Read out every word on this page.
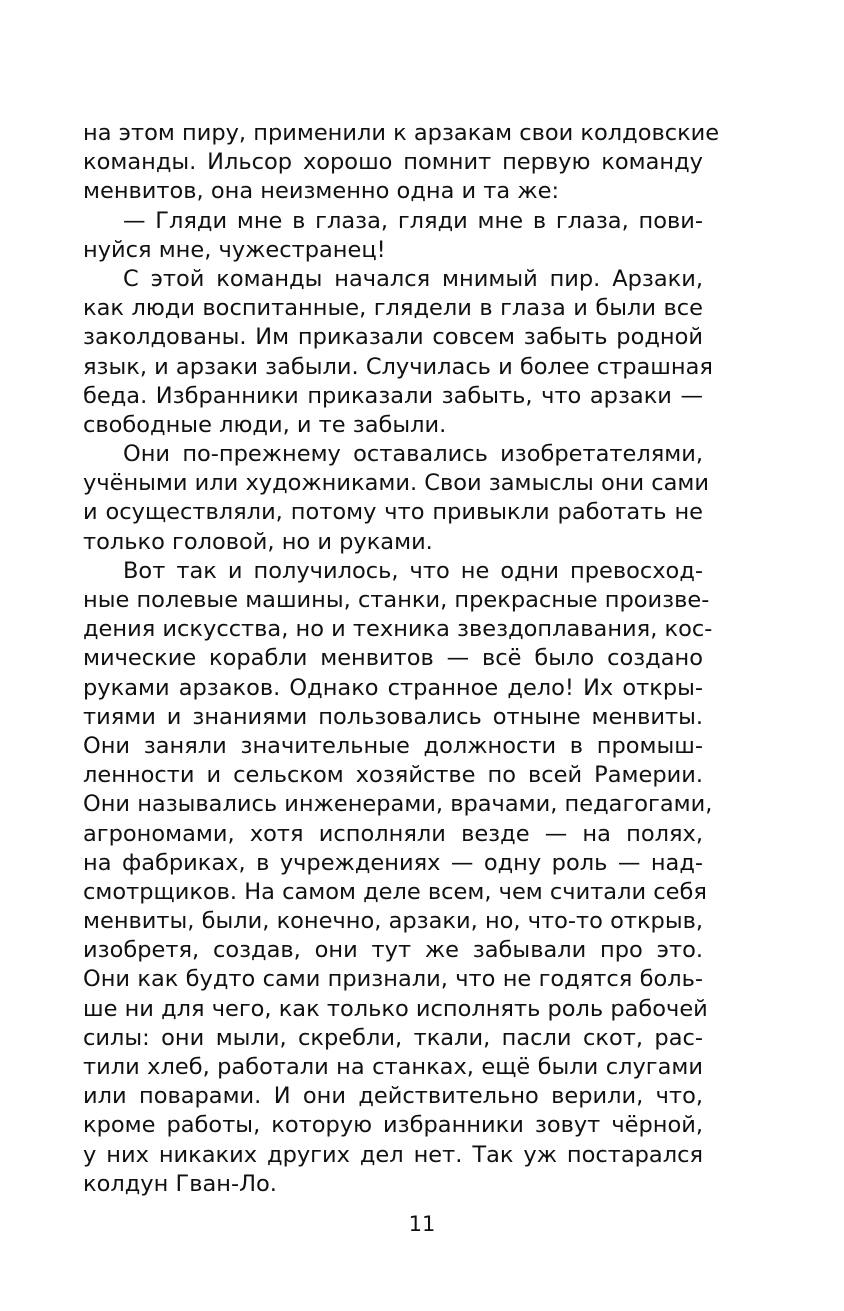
на этом пиру, применили к арзакам свои колдовские
команды. Ильсор хорошо помнит первую команду
менвитов, она неизменно одна и та же:

— Гляди мне в глаза, гляди мне в глаза, пови-
нуйся мне, чужестранец!

С этой команды начался мнимый пир. Арзаки,
как люди воспитанные, глядели в глаза и были все
заколдованы. Им приказали совсем забыть родной
язык, и арзаки забыли. Случилась и более страшная
беда. Избранники приказали забыть, что арзаки —
свободные люди, и те забыли.

Они по-прежнему оставались изобретателями,
учёными или художниками. Свои замыслы они сами
и осуществляли, потому что привыкли работать не
только головой, но и руками.

Вот так и получилось, что не одни превосход-
ные полевые машины, станки, прекрасные произве-
дения искусства, но и техника звездоплавания, кос-
мические корабли менвитов — всё было создано
руками арзаков. Однако странное дело! Их откры-
тиями и знаниями пользовались отныне менвиты.
Они заняли значительные должности в промыш-
ленности и сельском хозяйстве по всей Рамерии.
Они назывались инженерами, врачами, педагогами,
агрономами, хотя исполняли везде — на полях,
на фабриках, в учреждениях — одну роль — над-
смотрщиков. На самом деле всем, чем считали себя
менвиты, были, конечно, арзаки, но, что-то открыв,
изобретя, создав, они тут же забывали про это.
Они как будто сами признали, что не годятся боль-
ше ни для чего, как только исполнять роль рабочей
силы: они мыли, скребли, ткали, пасли скот, рас-
тили хлеб, работали на станках, ещё были слугами
или поварами. И они действительно верили, что,
кроме работы, которую избранники зовут чёрной,
у них никаких других дел нет. Так уж постарался
колдун Гван-Ло.

11
